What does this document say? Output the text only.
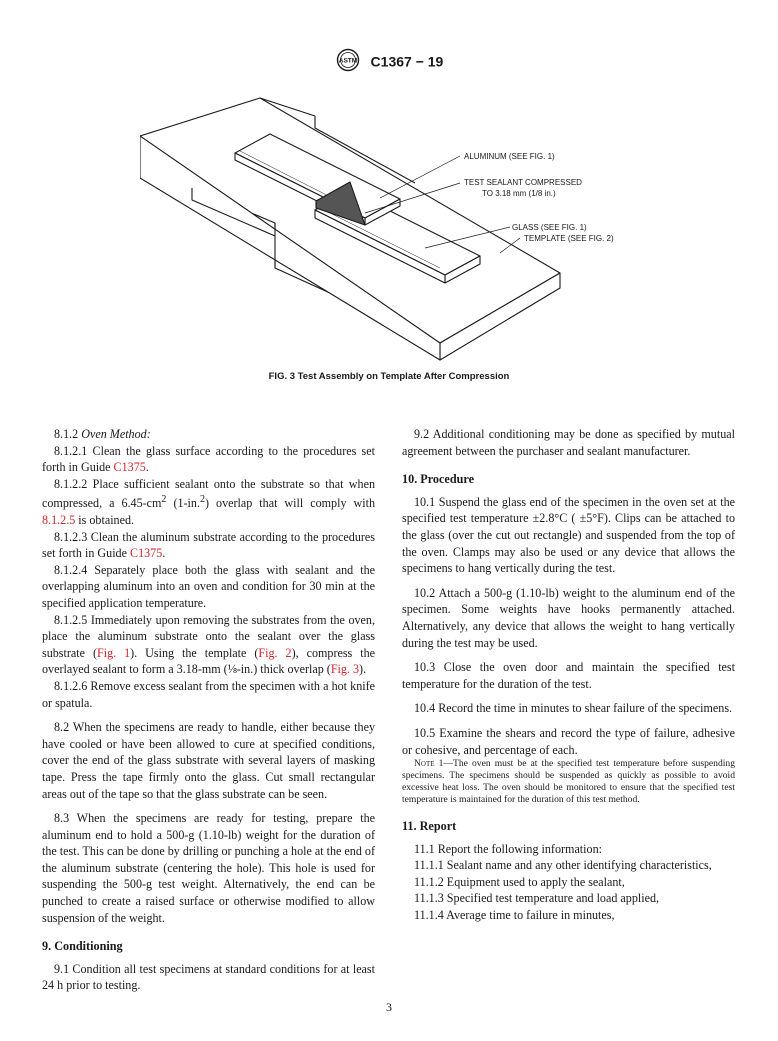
ASTM C1367 − 19
ALUMINUM (SEE FIG. 1)
TEST SEALANT COMPRESSED
TO 3.18 mm (1/8 in.)
GLASS (SEE FIG. 1)
TEMPLATE (SEE FIG. 2)
FIG. 3 Test Assembly on Template After Compression

8.1.2 Oven Method:

8.1.2.1 Clean the glass surface according to the procedures set forth in Guide C1375.

8.1.2.2 Place sufficient sealant onto the substrate so that when compressed, a $6.45-cm^2$ (1-in.$^2$) overlap that will comply with 8.1.2.5 is obtained.

8.1.2.3 Clean the aluminum substrate according to the procedures set forth in Guide C1375.

8.1.2.4 Separately place both the glass with sealant and the overlapping aluminum into an oven and condition for 30 min at the specified application temperature.

8.1.2.5 Immediately upon removing the substrates from the oven, place the aluminum substrate onto the sealant over the glass substrate (Fig. 1). Using the template (Fig. 2), compress the overlayed sealant to form a 3.18-mm (⅛-in.) thick overlap (Fig. 3).

8.1.2.6 Remove excess sealant from the specimen with a hot knife or spatula.

8.2 When the specimens are ready to handle, either because they have cooled or have been allowed to cure at specified conditions, cover the end of the glass substrate with several layers of masking tape. Press the tape firmly onto the glass. Cut small rectangular areas out of the tape so that the glass substrate can be seen.

8.3 When the specimens are ready for testing, prepare the aluminum end to hold a 500-g (1.10-lb) weight for the duration of the test. This can be done by drilling or punching a hole at the end of the aluminum substrate (centering the hole). This hole is used for suspending the 500-g test weight. Alternatively, the end can be punched to create a raised surface or otherwise modified to allow suspension of the weight.

9. Conditioning

9.1 Condition all test specimens at standard conditions for at least 24 h prior to testing.

9.2 Additional conditioning may be done as specified by mutual agreement between the purchaser and sealant manufacturer.

10. Procedure

10.1 Suspend the glass end of the specimen in the oven set at the specified test temperature ±2.8°C ( ±5°F). Clips can be attached to the glass (over the cut out rectangle) and suspended from the top of the oven. Clamps may also be used or any device that allows the specimens to hang vertically during the test.

10.2 Attach a 500-g (1.10-lb) weight to the aluminum end of the specimen. Some weights have hooks permanently attached. Alternatively, any device that allows the weight to hang vertically during the test may be used.

10.3 Close the oven door and maintain the specified test temperature for the duration of the test.

10.4 Record the time in minutes to shear failure of the specimens.

10.5 Examine the shears and record the type of failure, adhesive or cohesive, and percentage of each.

Note 1—The oven must be at the specified test temperature before suspending specimens. The specimens should be suspended as quickly as possible to avoid excessive heat loss. The oven should be monitored to ensure that the specified test temperature is maintained for the duration of this test method.

11. Report

11.1 Report the following information:

11.1.1 Sealant name and any other identifying characteristics,

11.1.2 Equipment used to apply the sealant,

11.1.3 Specified test temperature and load applied,

11.1.4 Average time to failure in minutes,

3
